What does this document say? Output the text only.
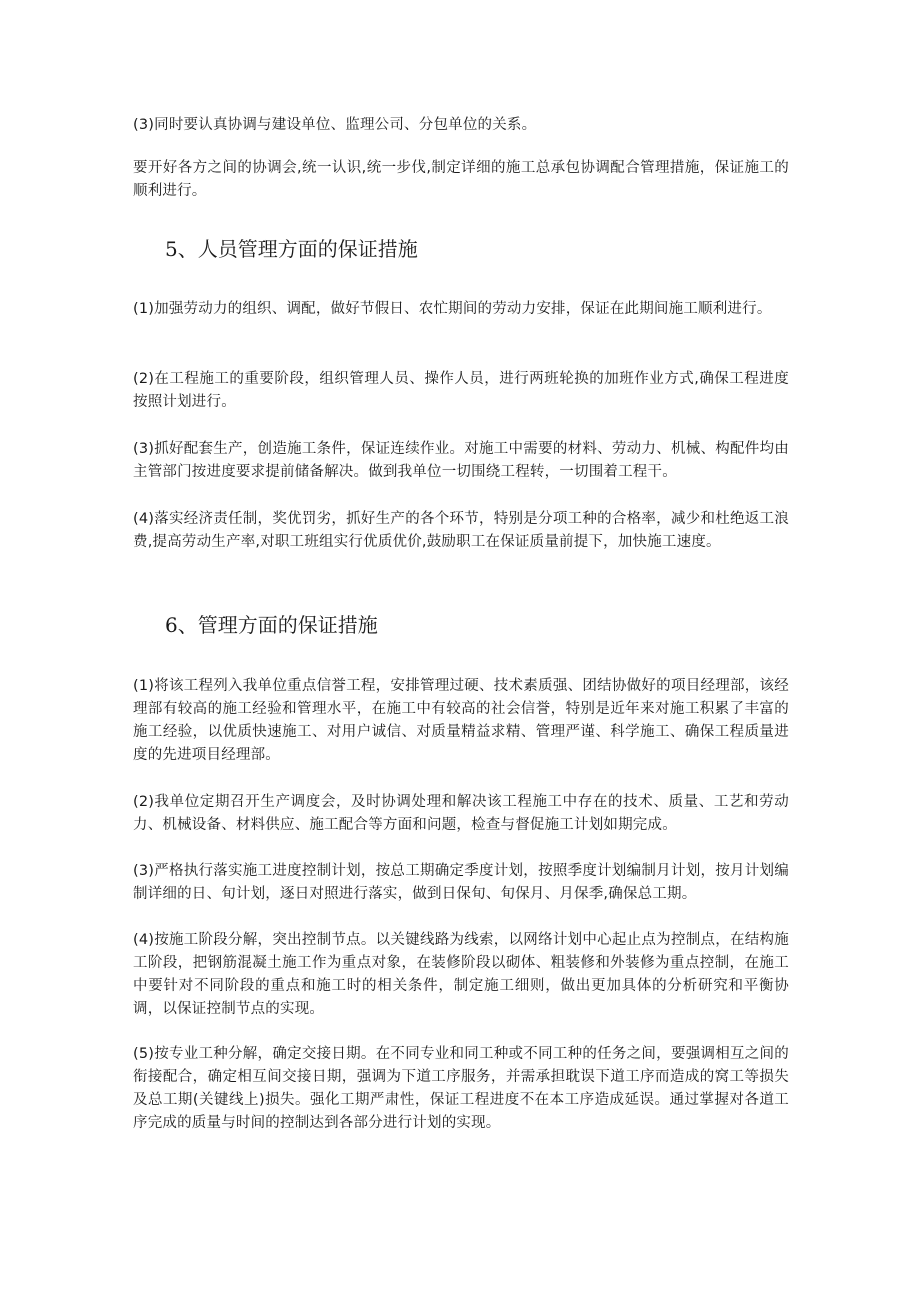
(3)同时要认真协调与建设单位、监理公司、分包单位的关系。

要开好各方之间的协调会,统一认识,统一步伐,制定详细的施工总承包协调配合管理措施，保证施工的顺利进行。

5、人员管理方面的保证措施

(1)加强劳动力的组织、调配，做好节假日、农忙期间的劳动力安排，保证在此期间施工顺利进行。

(2)在工程施工的重要阶段，组织管理人员、操作人员，进行两班轮换的加班作业方式,确保工程进度按照计划进行。

(3)抓好配套生产，创造施工条件，保证连续作业。对施工中需要的材料、劳动力、机械、构配件均由主管部门按进度要求提前储备解决。做到我单位一切围绕工程转，一切围着工程干。

(4)落实经济责任制，奖优罚劣，抓好生产的各个环节，特别是分项工种的合格率，减少和杜绝返工浪费,提高劳动生产率,对职工班组实行优质优价,鼓励职工在保证质量前提下，加快施工速度。

6、管理方面的保证措施

(1)将该工程列入我单位重点信誉工程，安排管理过硬、技术素质强、团结协做好的项目经理部，该经理部有较高的施工经验和管理水平，在施工中有较高的社会信誉，特别是近年来对施工积累了丰富的施工经验，以优质快速施工、对用户诚信、对质量精益求精、管理严谨、科学施工、确保工程质量进度的先进项目经理部。

(2)我单位定期召开生产调度会，及时协调处理和解决该工程施工中存在的技术、质量、工艺和劳动力、机械设备、材料供应、施工配合等方面和问题，检查与督促施工计划如期完成。

(3)严格执行落实施工进度控制计划，按总工期确定季度计划，按照季度计划编制月计划，按月计划编制详细的日、旬计划，逐日对照进行落实，做到日保旬、旬保月、月保季,确保总工期。

(4)按施工阶段分解，突出控制节点。以关键线路为线索，以网络计划中心起止点为控制点，在结构施工阶段，把钢筋混凝土施工作为重点对象，在装修阶段以砌体、粗装修和外装修为重点控制，在施工中要针对不同阶段的重点和施工时的相关条件，制定施工细则，做出更加具体的分析研究和平衡协调，以保证控制节点的实现。

(5)按专业工种分解，确定交接日期。在不同专业和同工种或不同工种的任务之间，要强调相互之间的衔接配合，确定相互间交接日期，强调为下道工序服务，并需承担耽误下道工序而造成的窝工等损失及总工期(关键线上)损失。强化工期严肃性，保证工程进度不在本工序造成延误。通过掌握对各道工序完成的质量与时间的控制达到各部分进行计划的实现。
